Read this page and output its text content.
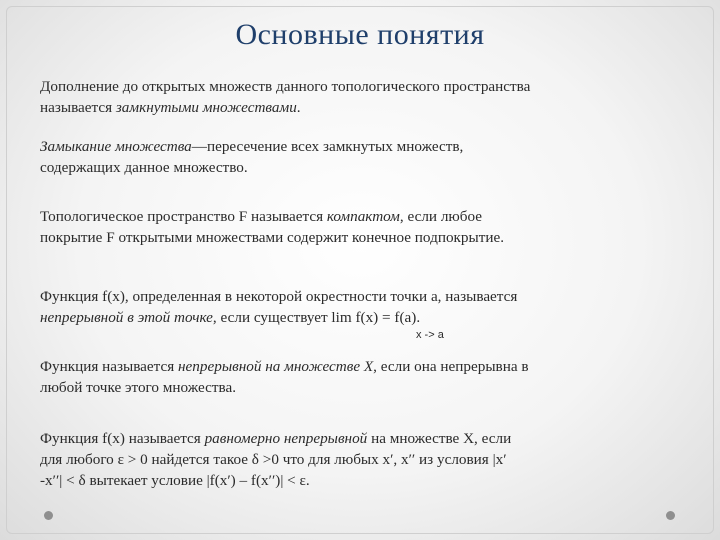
Основные понятия
Дополнение до открытых множеств данного топологического пространства
называется замкнутыми множествами.
Замыкание множества—пересечение всех замкнутых множеств,
содержащих данное множество.
Топологическое пространство F называется компактом, если любое
покрытие F открытыми множествами содержит конечное подпокрытие.
Функция f(x), определенная в некоторой окрестности точки a, называется
непрерывной в этой точке, если существует lim f(x) = f(a).
x -> a
Функция называется непрерывной на множестве X, если она непрерывна в
любой точке этого множества.
Функция f(x) называется равномерно непрерывной на множестве X, если
для любого ε > 0 найдется такое δ >0 что для любых x′, x′′ из условия |x′
-x′′| < δ вытекает условие |f(x′) – f(x′′)| < ε.
